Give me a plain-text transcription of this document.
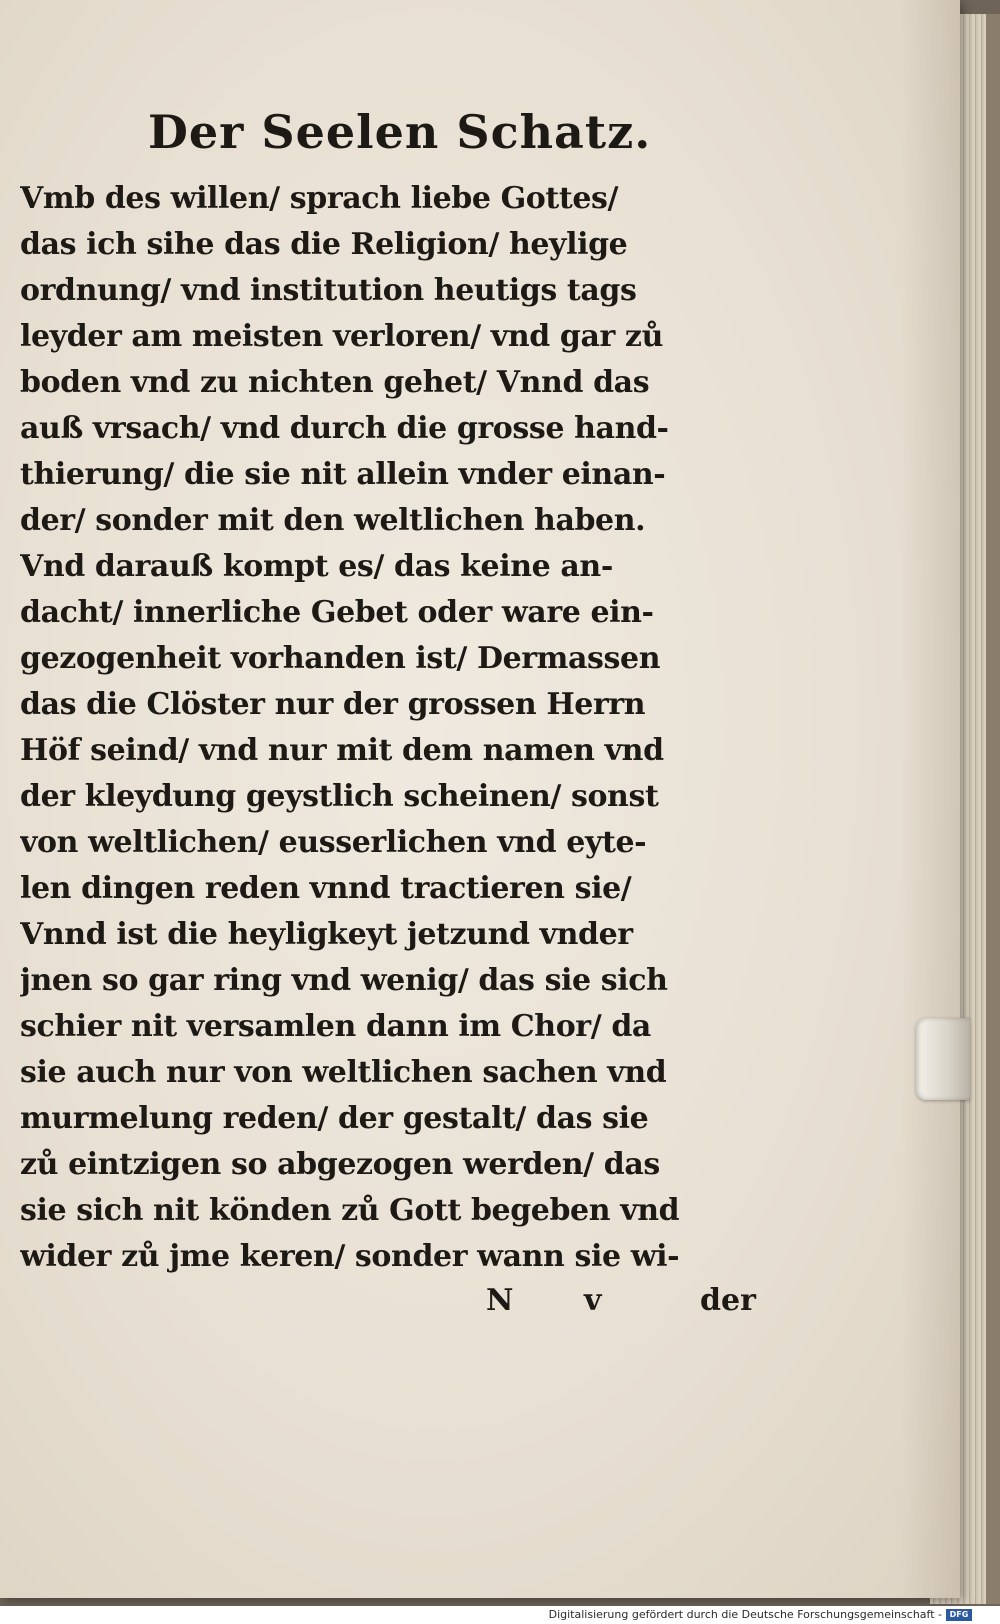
Der Seelen Schatz.
Vmb des willen/ sprach liebe Gottes/
das ich sihe das die Religion/ heylige
ordnung/ vnd institution heutigs tags
leyder am meisten verloren/ vnd gar zů
boden vnd zu nichten gehet/ Vnnd das
auß vrsach/ vnd durch die grosse hand-
thierung/ die sie nit allein vnder einan-
der/ sonder mit den weltlichen haben.
Vnd darauß kompt es/ das keine an-
dacht/ innerliche Gebet oder ware ein-
gezogenheit vorhanden ist/ Dermassen
das die Clöster nur der grossen Herrn
Höf seind/ vnd nur mit dem namen vnd
der kleydung geystlich scheinen/ sonst
von weltlichen/ eusserlichen vnd eyte-
len dingen reden vnnd tractieren sie/
Vnnd ist die heyligkeyt jetzund vnder
jnen so gar ring vnd wenig/ das sie sich
schier nit versamlen dann im Chor/ da
sie auch nur von weltlichen sachen vnd
murmelung reden/ der gestalt/ das sie
zů eintzigen so abgezogen werden/ das
sie sich nit könden zů Gott begeben vnd
wider zů jme keren/ sonder wann sie wi-
N	v	der
Digitalisierung gefördert durch die Deutsche Forschungsgemeinschaft - DFG
